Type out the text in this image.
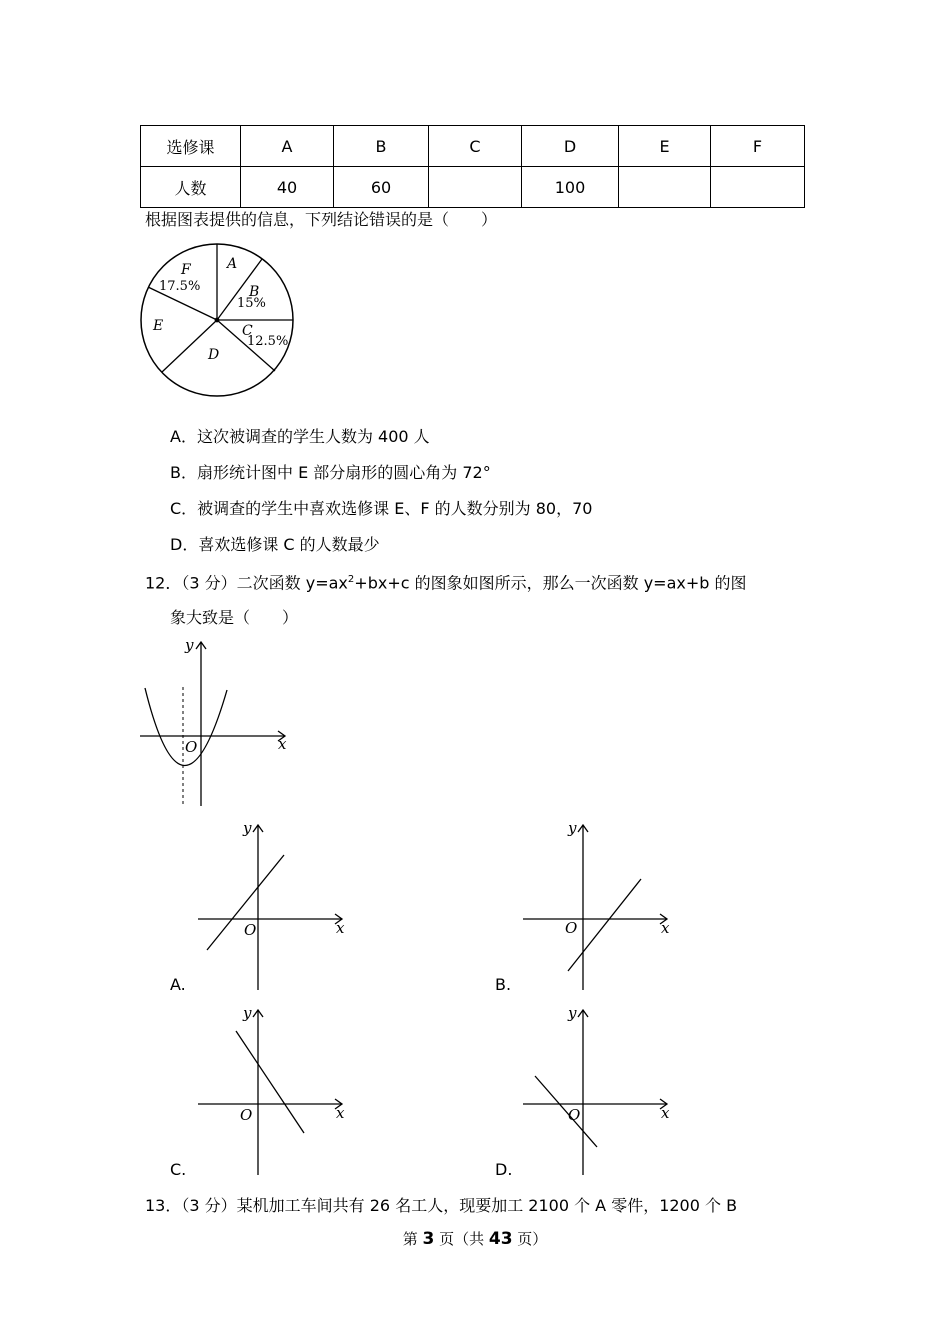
选修课	A	B	C	D	E	F
人数	40	60		100		
根据图表提供的信息，下列结论错误的是（　　）
A
B
C
D
E
F
17.5%
15%
12.5%
A．这次被调查的学生人数为 400 人
B．扇形统计图中 E 部分扇形的圆心角为 72°
C．被调查的学生中喜欢选修课 E、F 的人数分别为 80，70
D．喜欢选修课 C 的人数最少
12．（3 分）二次函数 $y=ax^2+bx+c$ 的图象如图所示，那么一次函数 y=ax+b 的图
象大致是（　　）
O	x
y
O	x
y
A.
O	x
y
B.
O	x
y
C.
O	x
y
D.
13．（3 分）某机加工车间共有 26 名工人，现要加工 2100 个 A 零件，1200 个 B
第 3 页（共 43 页）
